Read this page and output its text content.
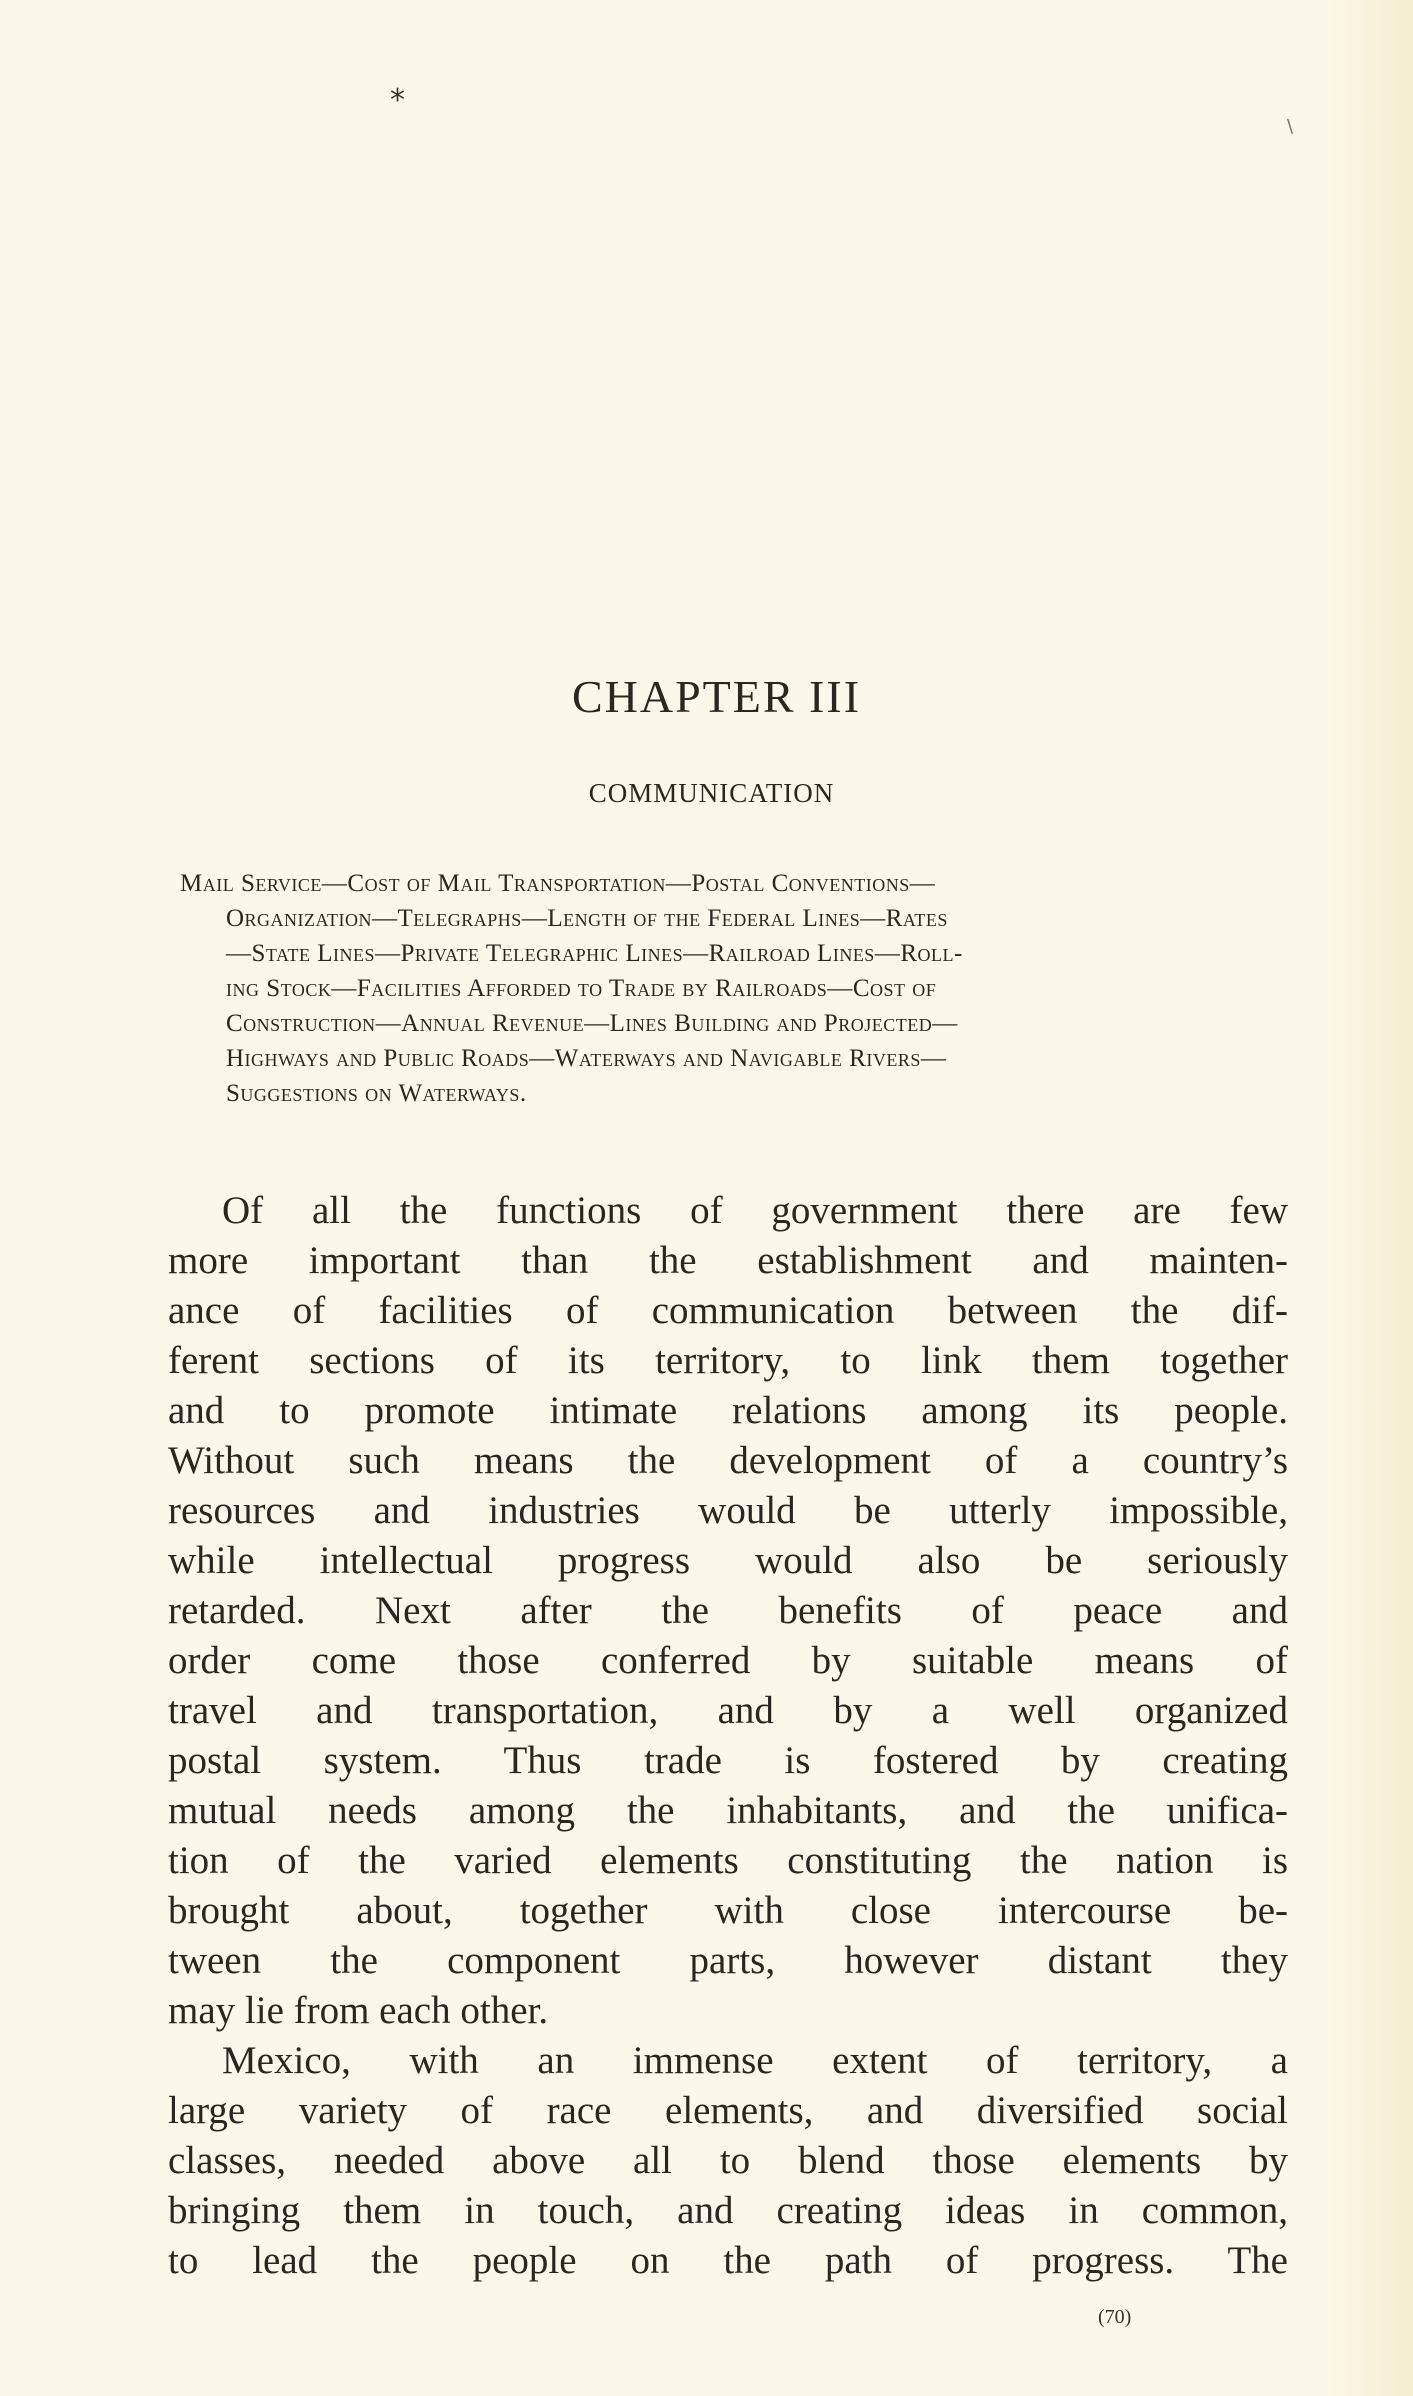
*
\
CHAPTER III
COMMUNICATION
Mail Service—Cost of Mail Transportation—Postal Conventions—
Organization—Telegraphs—Length of the Federal Lines—Rates
—State Lines—Private Telegraphic Lines—Railroad Lines—Roll-
ing Stock—Facilities Afforded to Trade by Railroads—Cost of
Construction—Annual Revenue—Lines Building and Projected—
Highways and Public Roads—Waterways and Navigable Rivers—
Suggestions on Waterways.
Of all the functions of government there are few
more important than the establishment and mainten-
ance of facilities of communication between the dif-
ferent sections of its territory, to link them together
and to promote intimate relations among its people.
Without such means the development of a country’s
resources and industries would be utterly impossible,
while intellectual progress would also be seriously
retarded. Next after the benefits of peace and
order come those conferred by suitable means of
travel and transportation, and by a well organized
postal system. Thus trade is fostered by creating
mutual needs among the inhabitants, and the unifica-
tion of the varied elements constituting the nation is
brought about, together with close intercourse be-
tween the component parts, however distant they
may lie from each other.
Mexico, with an immense extent of territory, a
large variety of race elements, and diversified social
classes, needed above all to blend those elements by
bringing them in touch, and creating ideas in common,
to lead the people on the path of progress. The
(70)
